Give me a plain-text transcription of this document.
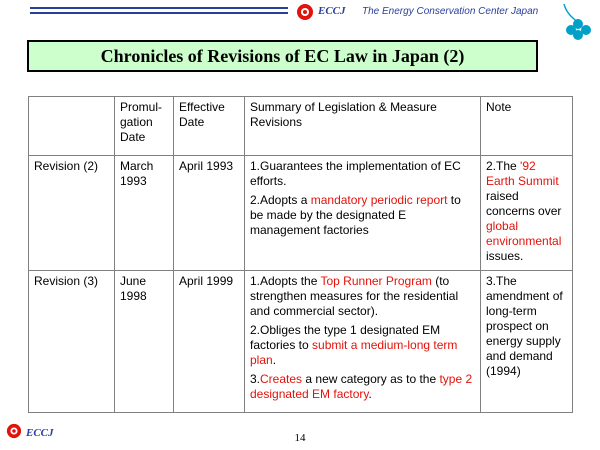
ECCJ The Energy Conservation Center Japan
Chronicles of Revisions of EC Law in Japan (2)
	Promul-gation Date	Effective Date	Summary of Legislation & Measure Revisions	Note
Revision (2)	March 1993	April 1993	1.Guarantees the implementation of EC efforts.
2.Adopts a mandatory periodic report to be made by the designated E management factories	2.The '92 Earth Summit raised concerns over global environmental issues.
Revision (3)	June 1998	April 1999	1.Adopts the Top Runner Program (to strengthen measures for the residential and commercial sector).
2.Obliges the type 1 designated EM factories to submit a medium-long term plan.
3.Creates a new category as to the type 2 designated EM factory.	3.The amendment of long-term prospect on energy supply and demand (1994)
ECCJ	14
